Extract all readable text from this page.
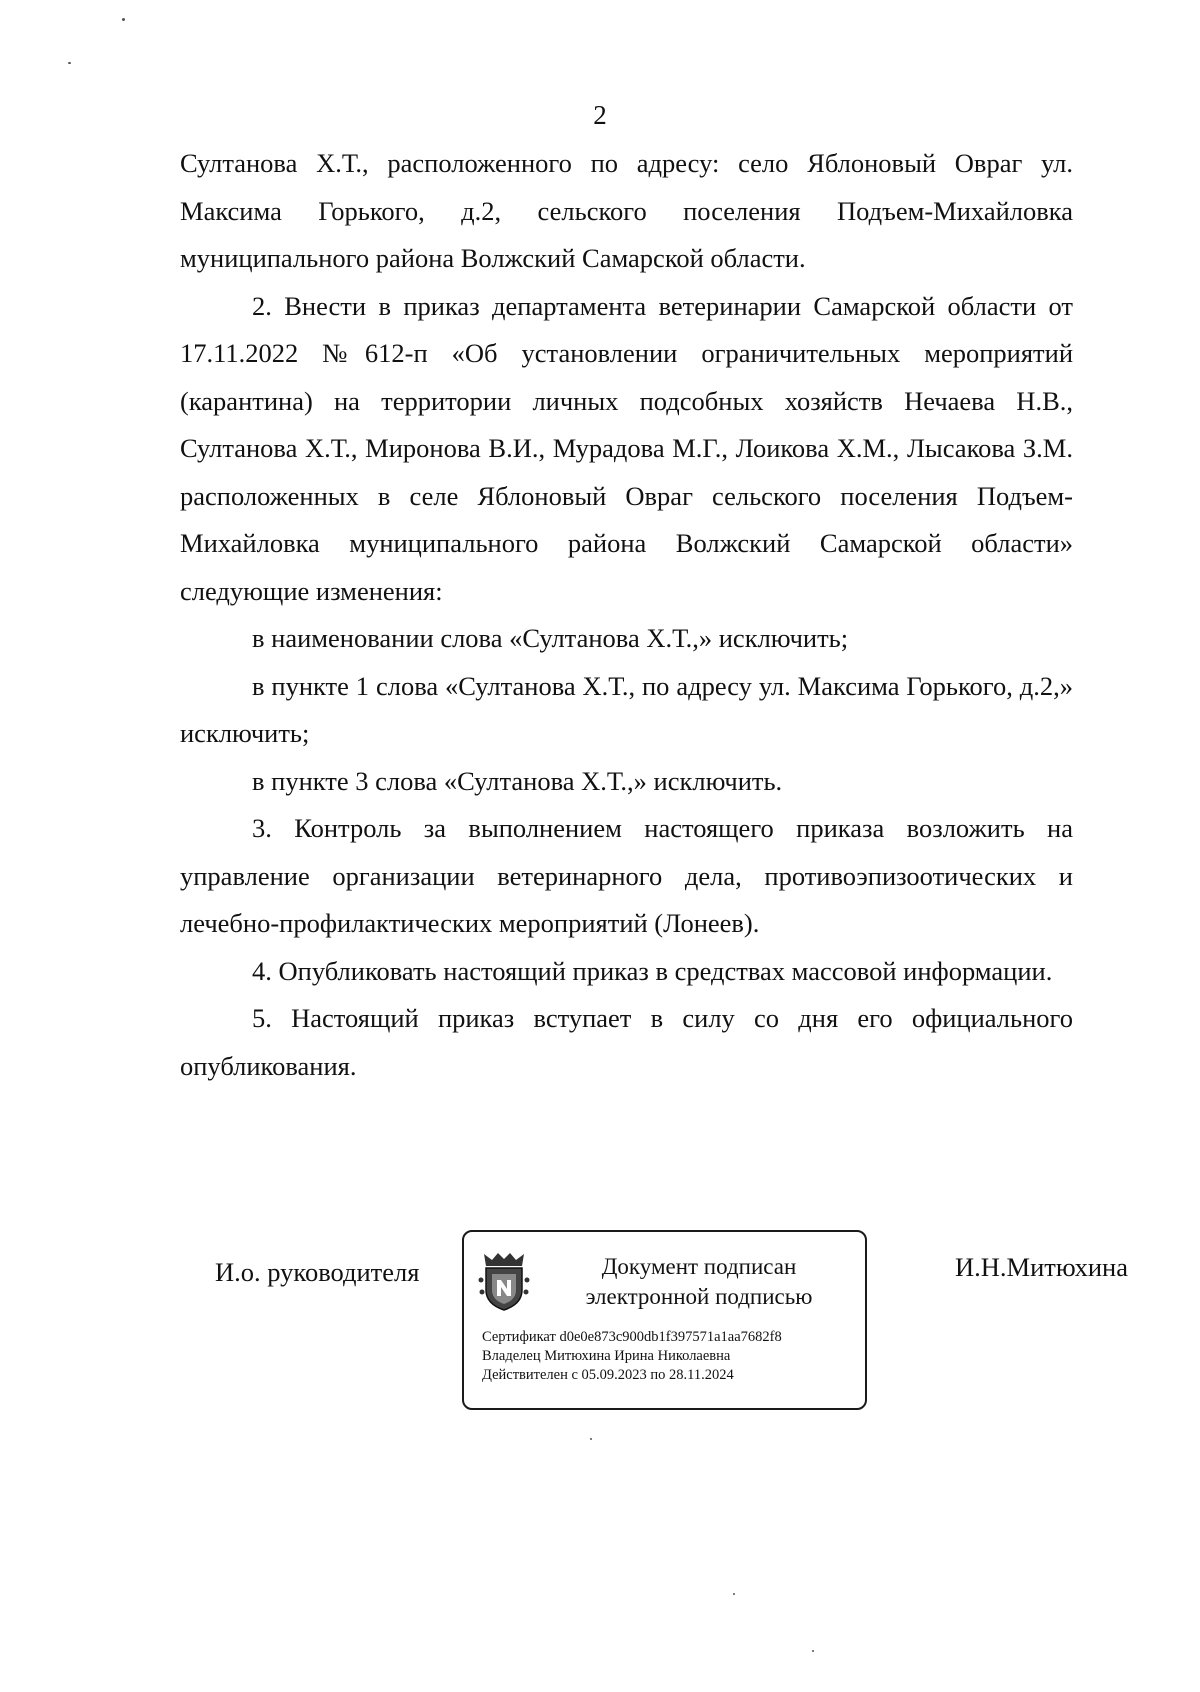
2

Султанова Х.Т., расположенного по адресу: село Яблоновый Овраг ул. Максима Горького, д.2, сельского поселения Подъем-Михайловка муниципального района Волжский Самарской области.

2. Внести в приказ департамента ветеринарии Самарской области от 17.11.2022 №612-п «Об установлении ограничительных мероприятий (карантина) на территории личных подсобных хозяйств Нечаева Н.В., Султанова Х.Т., Миронова В.И., Мурадова М.Г., Лоикова Х.М., Лысакова З.М. расположенных в селе Яблоновый Овраг сельского поселения Подъем-Михайловка муниципального района Волжский Самарской области» следующие изменения:

в наименовании слова «Султанова Х.Т.,» исключить;

в пункте 1 слова «Султанова Х.Т., по адресу ул. Максима Горького, д.2,» исключить;

в пункте 3 слова «Султанова Х.Т.,» исключить.

3. Контроль за выполнением настоящего приказа возложить на управление организации ветеринарного дела, противоэпизоотических и лечебно-профилактических мероприятий (Лонеев).

4. Опубликовать настоящий приказ в средствах массовой информации.

5. Настоящий приказ вступает в силу со дня его официального опубликования.

И.о. руководителя	Документ подписан
электронной подписью
Сертификат d0e0e873c900db1f397571a1aa7682f8
Владелец Митюхина Ирина Николаевна
Действителен с 05.09.2023 по 28.11.2024
И.Н.Митюхина
